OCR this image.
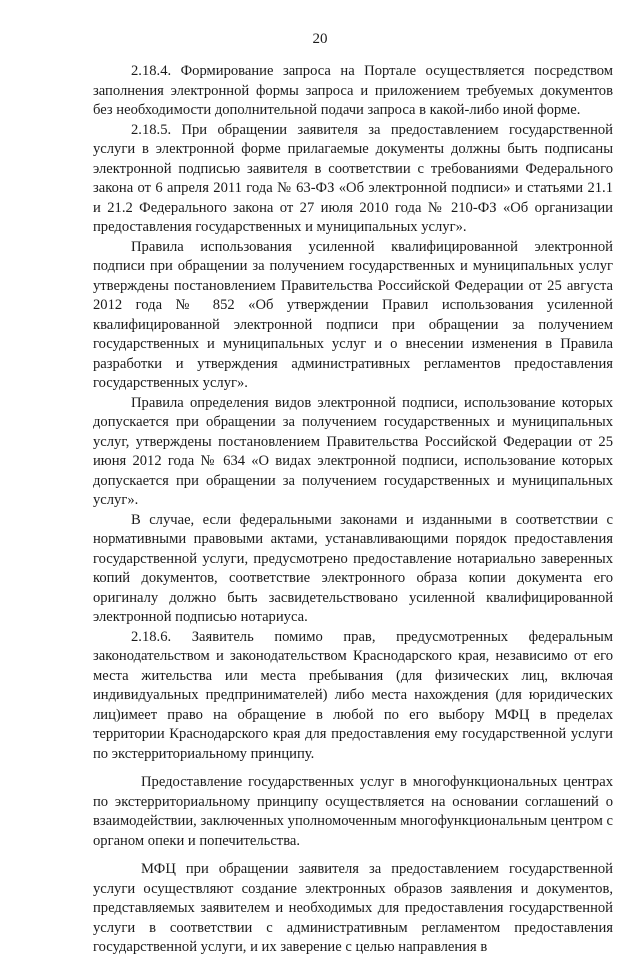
20

2.18.4. Формирование запроса на Портале осуществляется посредством заполнения электронной формы запроса и приложением требуемых документов без необходимости дополнительной подачи запроса в какой-либо иной форме.

2.18.5. При обращении заявителя за предоставлением государственной услуги в электронной форме прилагаемые документы должны быть подписаны электронной подписью заявителя в соответствии с требованиями Федерального закона от 6 апреля 2011 года № 63-ФЗ «Об электронной подписи» и статьями 21.1 и 21.2 Федерального закона от 27 июля 2010 года № 210-ФЗ «Об организации предоставления государственных и муниципальных услуг».

Правила использования усиленной квалифицированной электронной подписи при обращении за получением государственных и муниципальных услуг утверждены постановлением Правительства Российской Федерации от 25 августа 2012 года № 852 «Об утверждении Правил использования усиленной квалифицированной электронной подписи при обращении за получением государственных и муниципальных услуг и о внесении изменения в Правила разработки и утверждения административных регламентов предоставления государственных услуг».

Правила определения видов электронной подписи, использование которых допускается при обращении за получением государственных и муниципальных услуг, утверждены постановлением Правительства Российской Федерации от 25 июня 2012 года № 634 «О видах электронной подписи, использование которых допускается при обращении за получением государственных и муниципальных услуг».

В случае, если федеральными законами и изданными в соответствии с нормативными правовыми актами, устанавливающими порядок предоставления государственной услуги, предусмотрено предоставление нотариально заверенных копий документов, соответствие электронного образа копии документа его оригиналу должно быть засвидетельствовано усиленной квалифицированной электронной подписью нотариуса.

2.18.6. Заявитель помимо прав, предусмотренных федеральным законодательством и законодательством Краснодарского края, независимо от его места жительства или места пребывания (для физических лиц, включая индивидуальных предпринимателей) либо места нахождения (для юридических лиц)имеет право на обращение в любой по его выбору МФЦ в пределах территории Краснодарского края для предоставления ему государственной услуги по экстерриториальному принципу.

Предоставление государственных услуг в многофункциональных центрах по экстерриториальному принципу осуществляется на основании соглашений о взаимодействии, заключенных уполномоченным многофункциональным центром с органом опеки и попечительства.

МФЦ при обращении заявителя за предоставлением государственной услуги осуществляют создание электронных образов заявления и документов, представляемых заявителем и необходимых для предоставления государственной услуги в соответствии с административным регламентом предоставления государственной услуги, и их заверение с целью направления в
